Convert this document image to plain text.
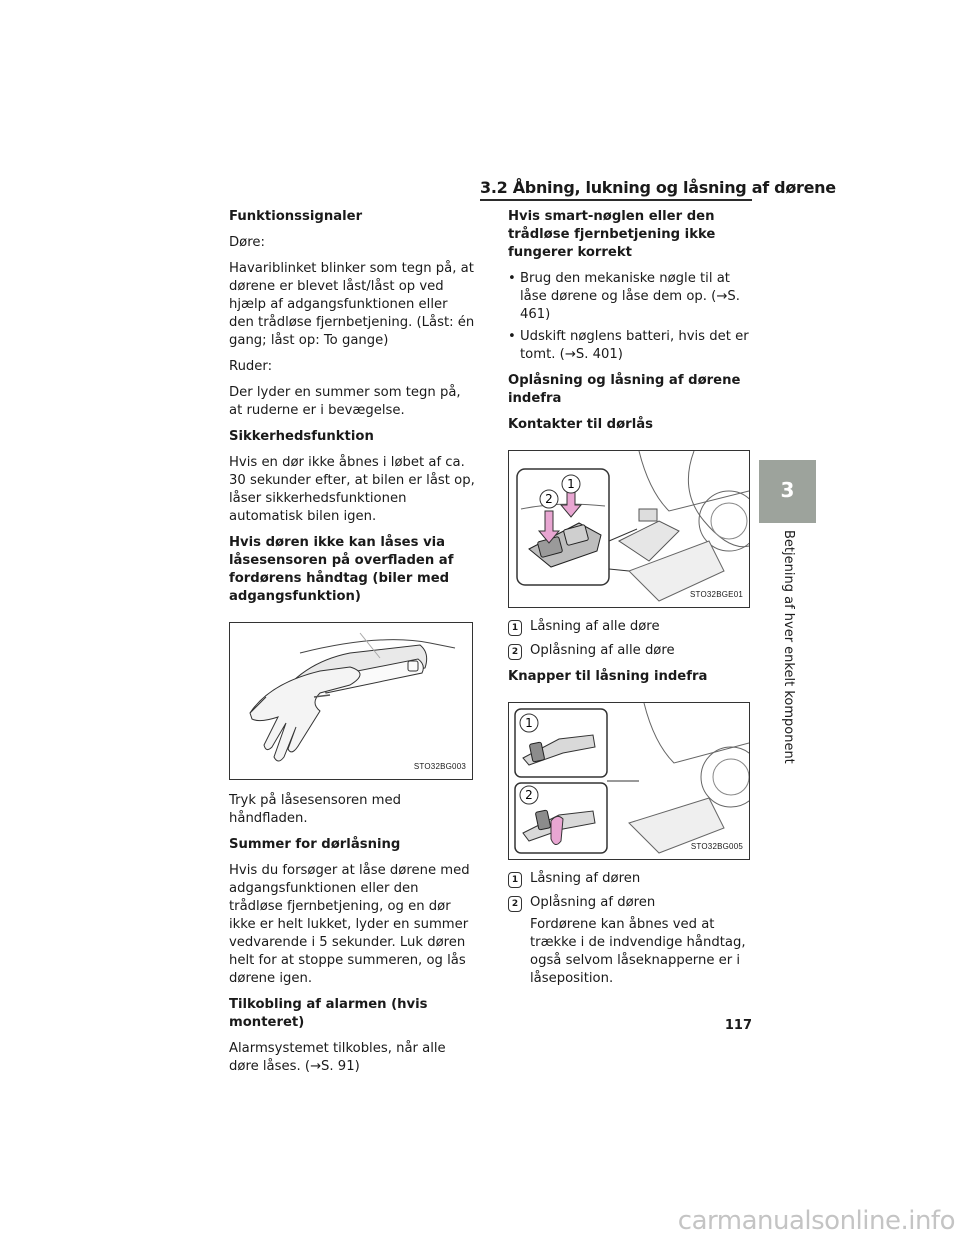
3.2 Åbning, lukning og låsning af dørene
Funktionssignaler

Døre:

Havariblinket blinker som tegn på, at dørene er blevet låst/låst op ved hjælp af adgangsfunktionen eller den trådløse fjernbetjening. (Låst: én gang; låst op: To gange)

Ruder:

Der lyder en summer som tegn på, at ruderne er i bevægelse.

Sikkerhedsfunktion

Hvis en dør ikke åbnes i løbet af ca. 30 sekunder efter, at bilen er låst op, låser sikkerhedsfunktionen automatisk bilen igen.

Hvis døren ikke kan låses via låsesensoren på overfladen af fordørens håndtag (biler med adgangsfunktion)
STO32BG003

Tryk på låsesensoren med håndfladen.

Summer for dørlåsning

Hvis du forsøger at låse dørene med adgangsfunktionen eller den trådløse fjernbetjening, og en dør ikke er helt lukket, lyder en summer vedvarende i 5 sekunder. Luk døren helt for at stoppe summeren, og lås dørene igen.

Tilkobling af alarmen (hvis monteret)

Alarmsystemet tilkobles, når alle døre låses. (→S. 91)

Hvis smart-nøglen eller den trådløse fjernbetjening ikke fungerer korrekt
• Brug den mekaniske nøgle til at låse dørene og låse dem op. (→S. 461)
• Udskift nøglens batteri, hvis det er tomt. (→S. 401)
Oplåsning og låsning af dørene indefra
Kontakter til dørlås
1
2
STO32BGE01
1 Låsning af alle døre
2 Oplåsning af alle døre
Knapper til låsning indefra
1
2
STO32BG005
1 Låsning af døren
2 Oplåsning af døren
Fordørene kan åbnes ved at trække i de indvendige håndtag, også selvom låseknapperne er i låseposition.
3
Betjening af hver enkelt komponent
117
carmanualsonline.info
